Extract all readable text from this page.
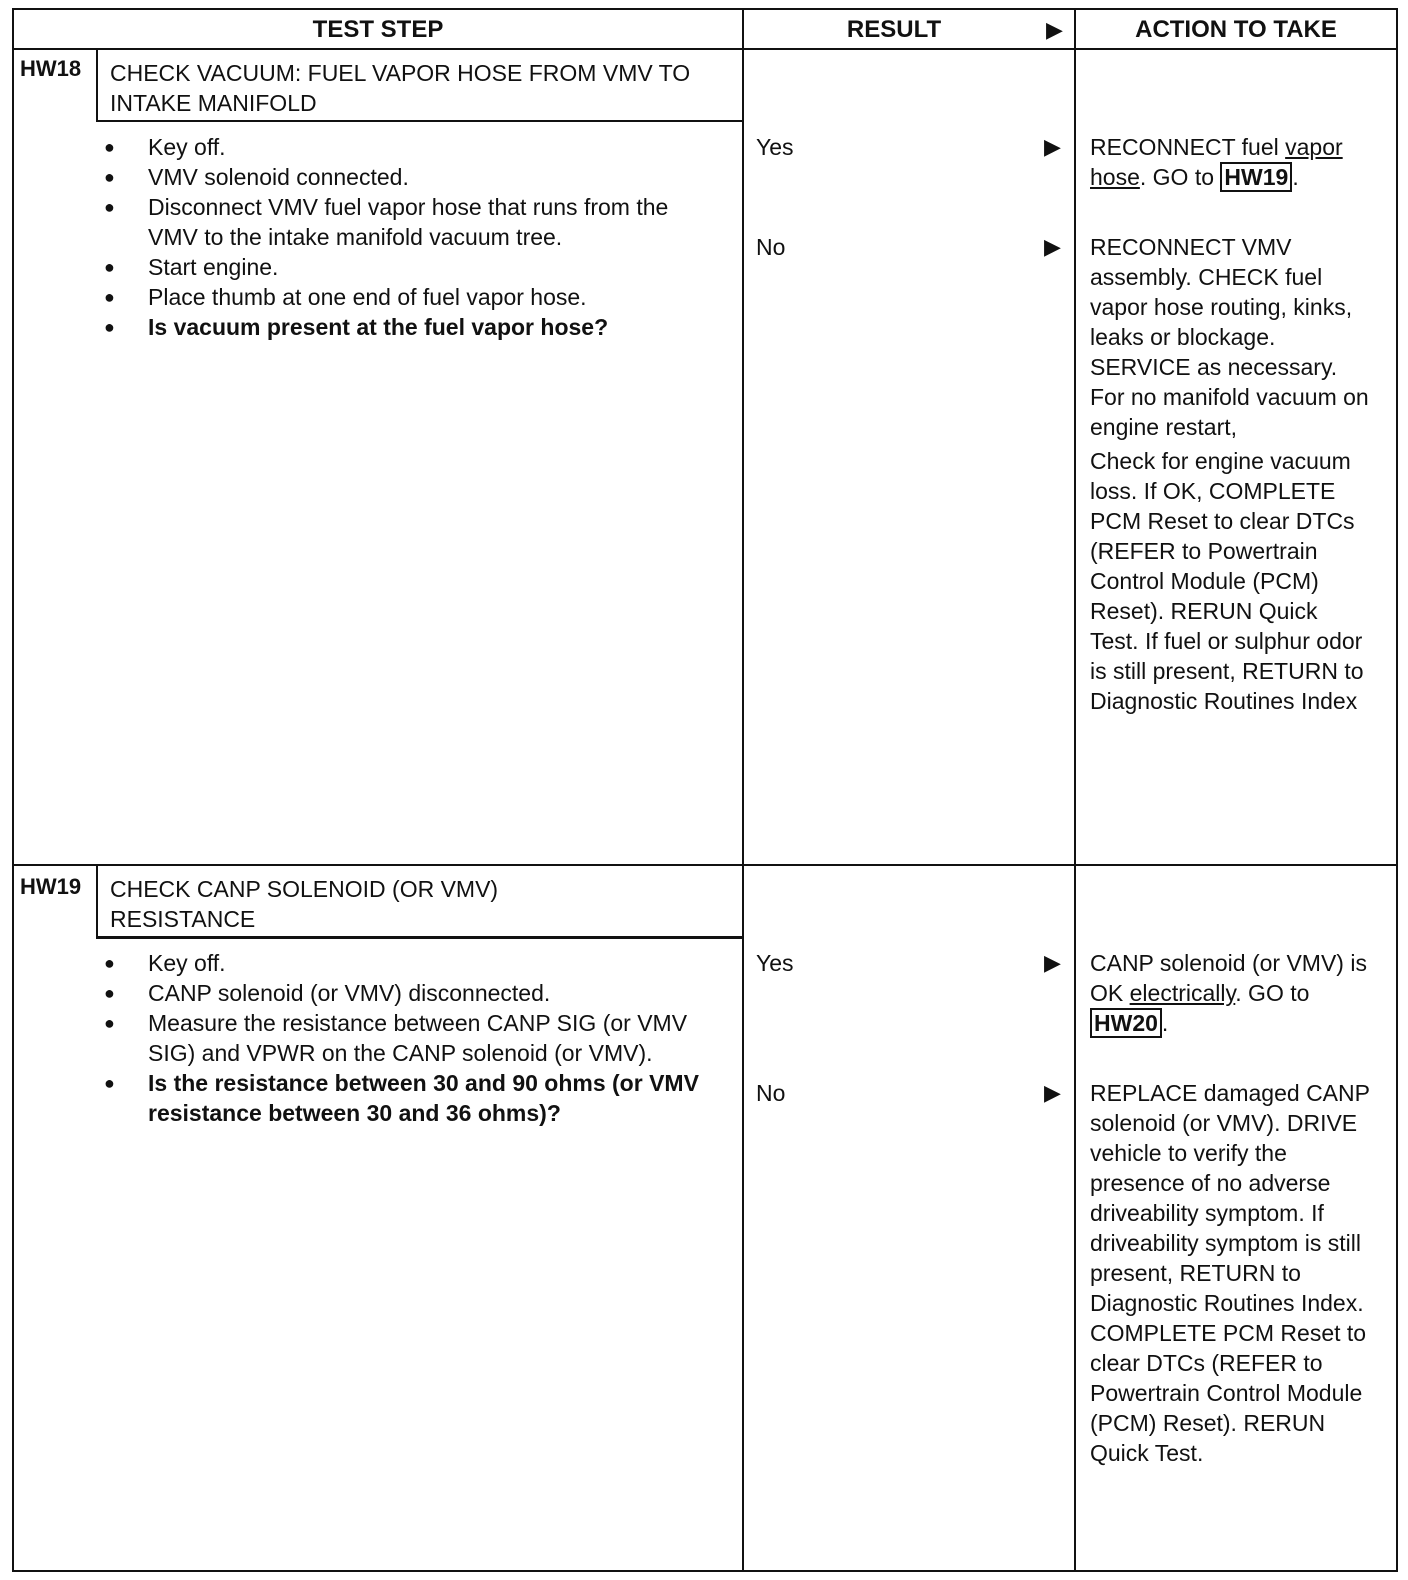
TEST STEP	RESULT	▶	ACTION TO TAKE
HW18	CHECK VACUUM: FUEL VAPOR HOSE FROM VMV TO INTAKE MANIFOLD
● Key off.
● VMV solenoid connected.
● Disconnect VMV fuel vapor hose that runs from the VMV to the intake manifold vacuum tree.
● Start engine.
● Place thumb at one end of fuel vapor hose.
● Is vacuum present at the fuel vapor hose?
Yes	▶ RECONNECT fuel vapor hose. GO to HW19 .
No	▶ RECONNECT VMV assembly. CHECK fuel vapor hose routing, kinks, leaks or blockage. SERVICE as necessary. For no manifold vacuum on engine restart,

Check for engine vacuum loss. If OK, COMPLETE PCM Reset to clear DTCs (REFER to Powertrain Control Module (PCM) Reset). RERUN Quick Test. If fuel or sulphur odor is still present, RETURN to Diagnostic Routines Index

HW19	CHECK CANP SOLENOID (OR VMV) RESISTANCE
● Key off.
● CANP solenoid (or VMV) disconnected.
● Measure the resistance between CANP SIG (or VMV SIG) and VPWR on the CANP solenoid (or VMV).
● Is the resistance between 30 and 90 ohms (or VMV resistance between 30 and 36 ohms)?
Yes	▶ CANP solenoid (or VMV) is OK electrically. GO to HW20 .
No	▶ REPLACE damaged CANP solenoid (or VMV). DRIVE vehicle to verify the presence of no adverse driveability symptom. If driveability symptom is still present, RETURN to Diagnostic Routines Index. COMPLETE PCM Reset to clear DTCs (REFER to Powertrain Control Module (PCM) Reset). RERUN Quick Test.
